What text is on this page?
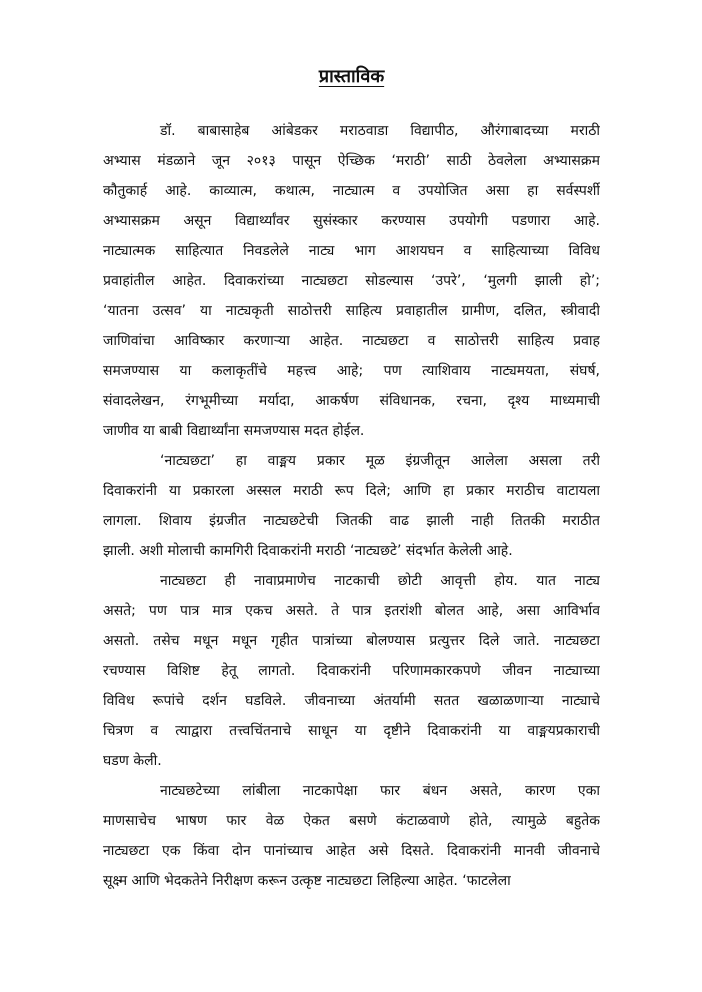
प्रास्ताविक
डॉ. बाबासाहेब आंबेडकर मराठवाडा विद्यापीठ, औरंगाबादच्या मराठी
अभ्यास मंडळाने जून २०१३ पासून ऐच्छिक ‘मराठी’ साठी ठेवलेला अभ्यासक्रम
कौतुकार्ह आहे. काव्यात्म, कथात्म, नाट्यात्म व उपयोजित असा हा सर्वस्पर्शी
अभ्यासक्रम असून विद्यार्थ्यांवर सुसंस्कार करण्यास उपयोगी पडणारा आहे.
नाट्यात्मक साहित्यात निवडलेले नाट्य भाग आशयघन व साहित्याच्या विविध
प्रवाहांतील आहेत. दिवाकरांच्या नाट्यछटा सोडल्यास ‘उपरे’, ‘मुलगी झाली हो’;
‘यातना उत्सव’ या नाट्यकृती साठोत्तरी साहित्य प्रवाहातील ग्रामीण, दलित, स्त्रीवादी
जाणिवांचा आविष्कार करणाऱ्या आहेत. नाट्यछटा व साठोत्तरी साहित्य प्रवाह
समजण्यास या कलाकृतींचे महत्त्व आहे; पण त्याशिवाय नाट्यमयता, संघर्ष,
संवादलेखन, रंगभूमीच्या मर्यादा, आकर्षण संविधानक, रचना, दृश्य माध्यमाची
जाणीव या बाबी विद्यार्थ्यांना समजण्यास मदत होईल.
‘नाट्यछटा’ हा वाङ्मय प्रकार मूळ इंग्रजीतून आलेला असला तरी
दिवाकरांनी या प्रकारला अस्सल मराठी रूप दिले; आणि हा प्रकार मराठीच वाटायला
लागला. शिवाय इंग्रजीत नाट्यछटेची जितकी वाढ झाली नाही तितकी मराठीत
झाली. अशी मोलाची कामगिरी दिवाकरांनी मराठी ‘नाट्यछटे’ संदर्भात केलेली आहे.
नाट्यछटा ही नावाप्रमाणेच नाटकाची छोटी आवृत्ती होय. यात नाट्य
असते; पण पात्र मात्र एकच असते. ते पात्र इतरांशी बोलत आहे, असा आविर्भाव
असतो. तसेच मधून मधून गृहीत पात्रांच्या बोलण्यास प्रत्युत्तर दिले जाते. नाट्यछटा
रचण्यास विशिष्ट हेतू लागतो. दिवाकरांनी परिणामकारकपणे जीवन नाट्याच्या
विविध रूपांचे दर्शन घडविले. जीवनाच्या अंतर्यामी सतत खळाळणाऱ्या नाट्याचे
चित्रण व त्याद्वारा तत्त्वचिंतनाचे साधून या दृष्टीने दिवाकरांनी या वाङ्मयप्रकाराची
घडण केली.
नाट्यछटेच्या लांबीला नाटकापेक्षा फार बंधन असते, कारण एका
माणसाचेच भाषण फार वेळ ऐकत बसणे कंटाळवाणे होते, त्यामुळे बहुतेक
नाट्यछटा एक किंवा दोन पानांच्याच आहेत असे दिसते. दिवाकरांनी मानवी जीवनाचे
सूक्ष्म आणि भेदकतेने निरीक्षण करून उत्कृष्ट नाट्यछटा लिहिल्या आहेत. ‘फाटलेला
